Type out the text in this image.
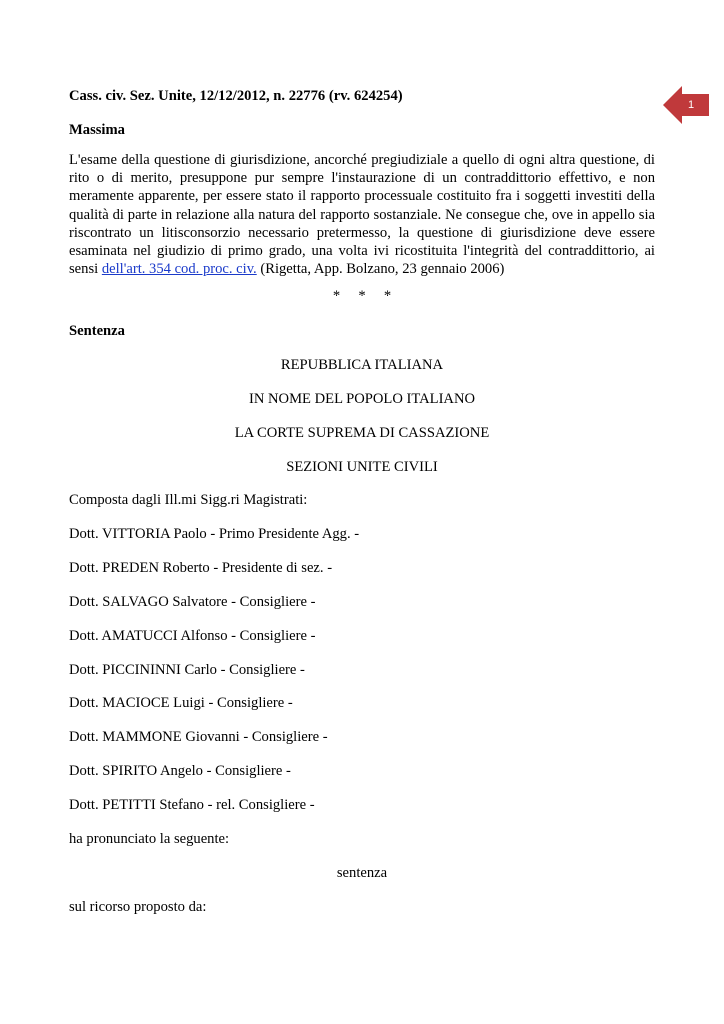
1
Cass. civ. Sez. Unite, 12/12/2012, n. 22776 (rv. 624254)
Massima
L'esame della questione di giurisdizione, ancorché pregiudiziale a quello di ogni altra questione, di
rito o di merito, presuppone pur sempre l'instaurazione di un contraddittorio effettivo, e non
meramente apparente, per essere stato il rapporto processuale costituito fra i soggetti investiti della
qualità di parte in relazione alla natura del rapporto sostanziale. Ne consegue che, ove in appello sia
riscontrato un litisconsorzio necessario pretermesso, la questione di giurisdizione deve essere
esaminata nel giudizio di primo grado, una volta ivi ricostituita l'integrità del contraddittorio, ai
sensi dell'art. 354 cod. proc. civ. (Rigetta, App. Bolzano, 23 gennaio 2006)
*     *     *
Sentenza
REPUBBLICA ITALIANA
IN NOME DEL POPOLO ITALIANO
LA CORTE SUPREMA DI CASSAZIONE
SEZIONI UNITE CIVILI
Composta dagli Ill.mi Sigg.ri Magistrati:
Dott. VITTORIA Paolo - Primo Presidente Agg. -
Dott. PREDEN Roberto - Presidente di sez. -
Dott. SALVAGO Salvatore - Consigliere -
Dott. AMATUCCI Alfonso - Consigliere -
Dott. PICCININNI Carlo - Consigliere -
Dott. MACIOCE Luigi - Consigliere -
Dott. MAMMONE Giovanni - Consigliere -
Dott. SPIRITO Angelo - Consigliere -
Dott. PETITTI Stefano - rel. Consigliere -
ha pronunciato la seguente:
sentenza
sul ricorso proposto da:
